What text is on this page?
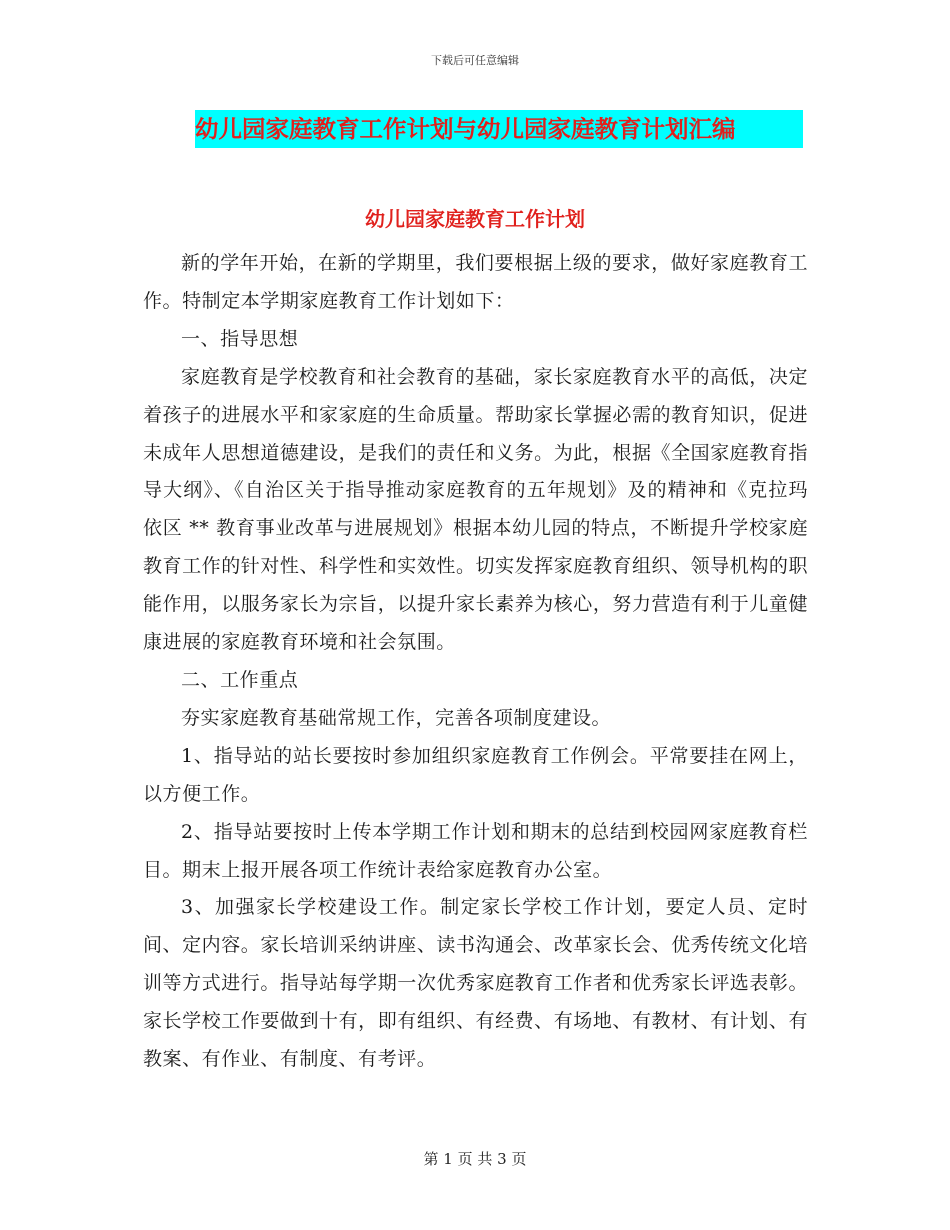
下载后可任意编辑
幼儿园家庭教育工作计划与幼儿园家庭教育计划汇编
幼儿园家庭教育工作计划

新的学年开始，在新的学期里，我们要根据上级的要求，做好家庭教育工作。特制定本学期家庭教育工作计划如下：

一、指导思想

家庭教育是学校教育和社会教育的基础，家长家庭教育水平的高低，决定着孩子的进展水平和家家庭的生命质量。帮助家长掌握必需的教育知识，促进未成年人思想道德建设，是我们的责任和义务。为此，根据《全国家庭教育指导大纲》、《自治区关于指导推动家庭教育的五年规划》及的精神和《克拉玛依区 ** 教育事业改革与进展规划》根据本幼儿园的特点，不断提升学校家庭教育工作的针对性、科学性和实效性。切实发挥家庭教育组织、领导机构的职能作用，以服务家长为宗旨，以提升家长素养为核心，努力营造有利于儿童健康进展的家庭教育环境和社会氛围。

二、工作重点

夯实家庭教育基础常规工作，完善各项制度建设。

1、指导站的站长要按时参加组织家庭教育工作例会。平常要挂在网上，以方便工作。

2、指导站要按时上传本学期工作计划和期末的总结到校园网家庭教育栏目。期末上报开展各项工作统计表给家庭教育办公室。

3、加强家长学校建设工作。制定家长学校工作计划，要定人员、定时间、定内容。家长培训采纳讲座、读书沟通会、改革家长会、优秀传统文化培训等方式进行。指导站每学期一次优秀家庭教育工作者和优秀家长评选表彰。家长学校工作要做到十有，即有组织、有经费、有场地、有教材、有计划、有教案、有作业、有制度、有考评。

第 1 页 共 3 页
